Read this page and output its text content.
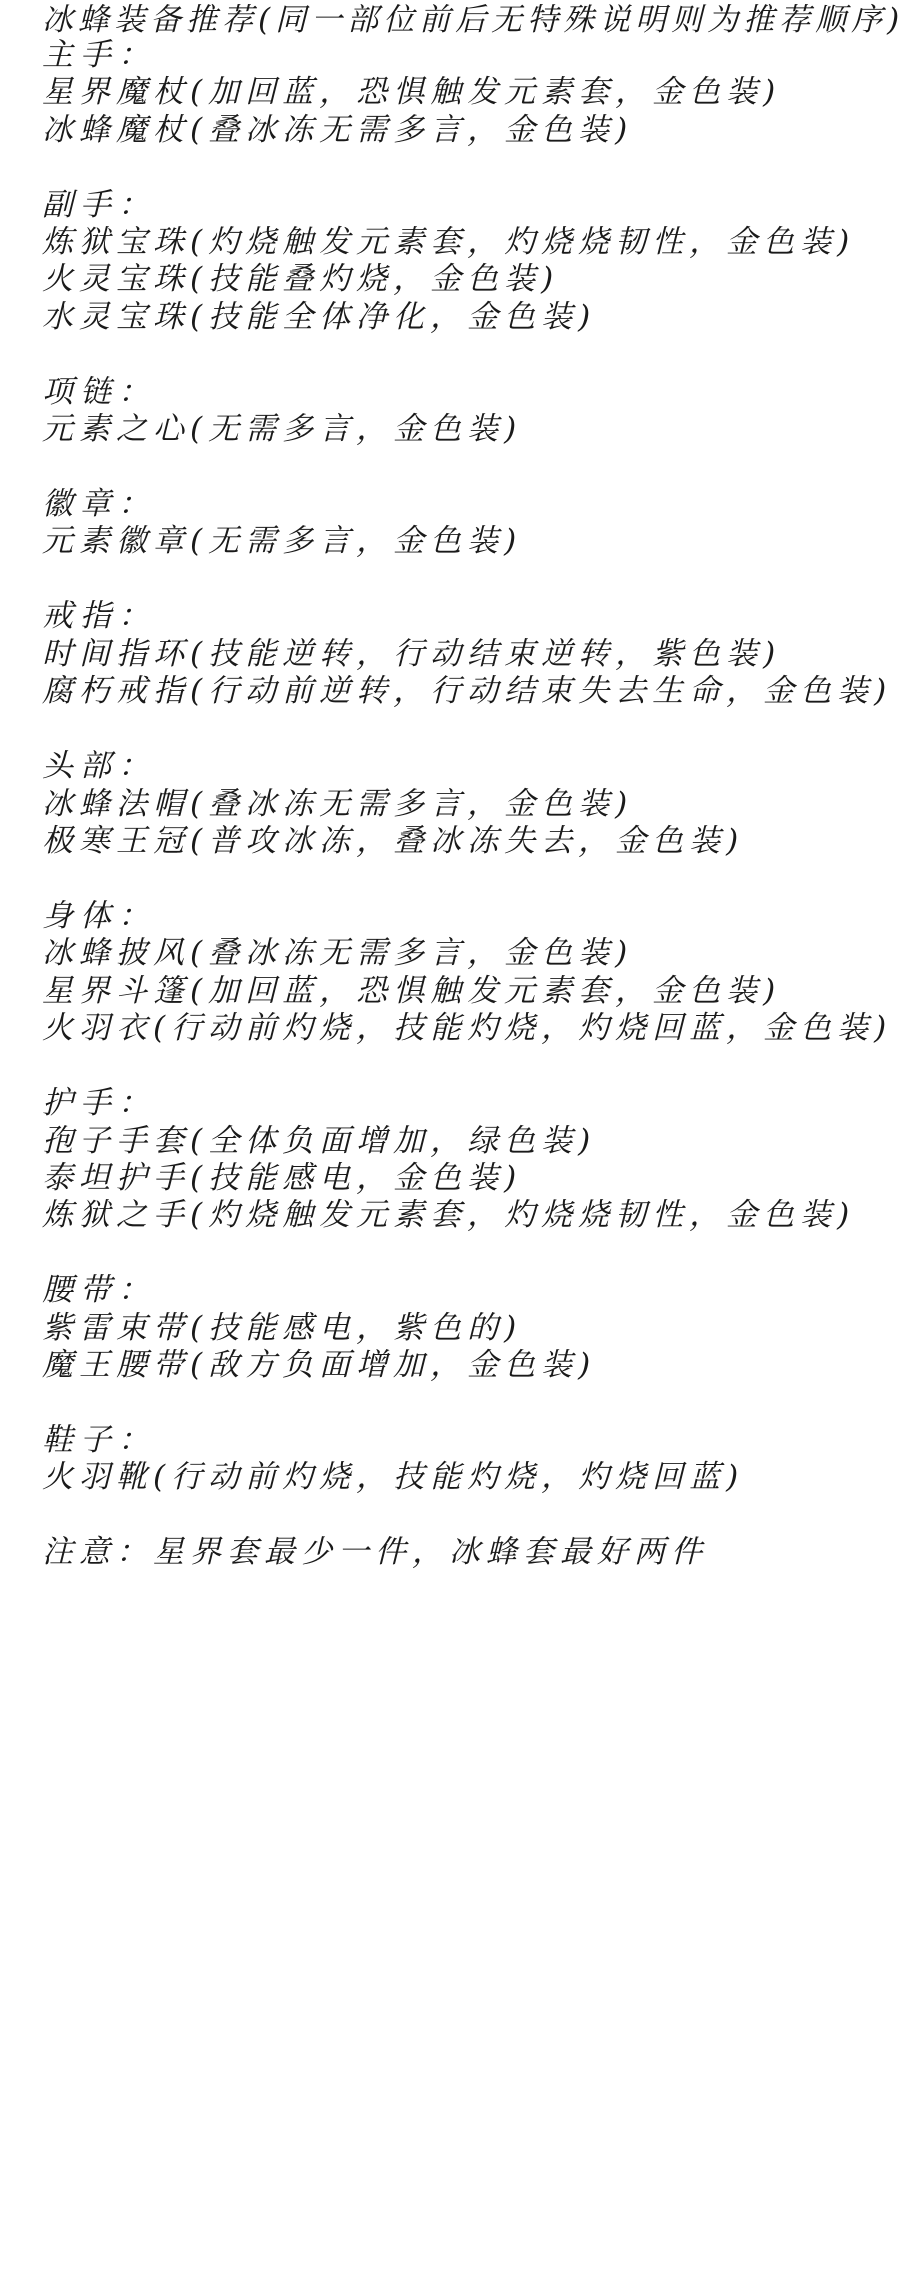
冰蜂装备推荐(同一部位前后无特殊说明则为推荐顺序)
主手：
星界魔杖(加回蓝，恐惧触发元素套，金色装)
冰蜂魔杖(叠冰冻无需多言，金色装)
副手：
炼狱宝珠(灼烧触发元素套，灼烧烧韧性，金色装)
火灵宝珠(技能叠灼烧，金色装)
水灵宝珠(技能全体净化，金色装)
项链：
元素之心(无需多言，金色装)
徽章：
元素徽章(无需多言，金色装)
戒指：
时间指环(技能逆转，行动结束逆转，紫色装)
腐朽戒指(行动前逆转，行动结束失去生命，金色装)
头部：
冰蜂法帽(叠冰冻无需多言，金色装)
极寒王冠(普攻冰冻，叠冰冻失去，金色装)
身体：
冰蜂披风(叠冰冻无需多言，金色装)
星界斗篷(加回蓝，恐惧触发元素套，金色装)
火羽衣(行动前灼烧，技能灼烧，灼烧回蓝，金色装)
护手：
孢子手套(全体负面增加，绿色装)
泰坦护手(技能感电，金色装)
炼狱之手(灼烧触发元素套，灼烧烧韧性，金色装)
腰带：
紫雷束带(技能感电，紫色的)
魔王腰带(敌方负面增加，金色装)
鞋子：
火羽靴(行动前灼烧，技能灼烧，灼烧回蓝)
注意：星界套最少一件，冰蜂套最好两件
